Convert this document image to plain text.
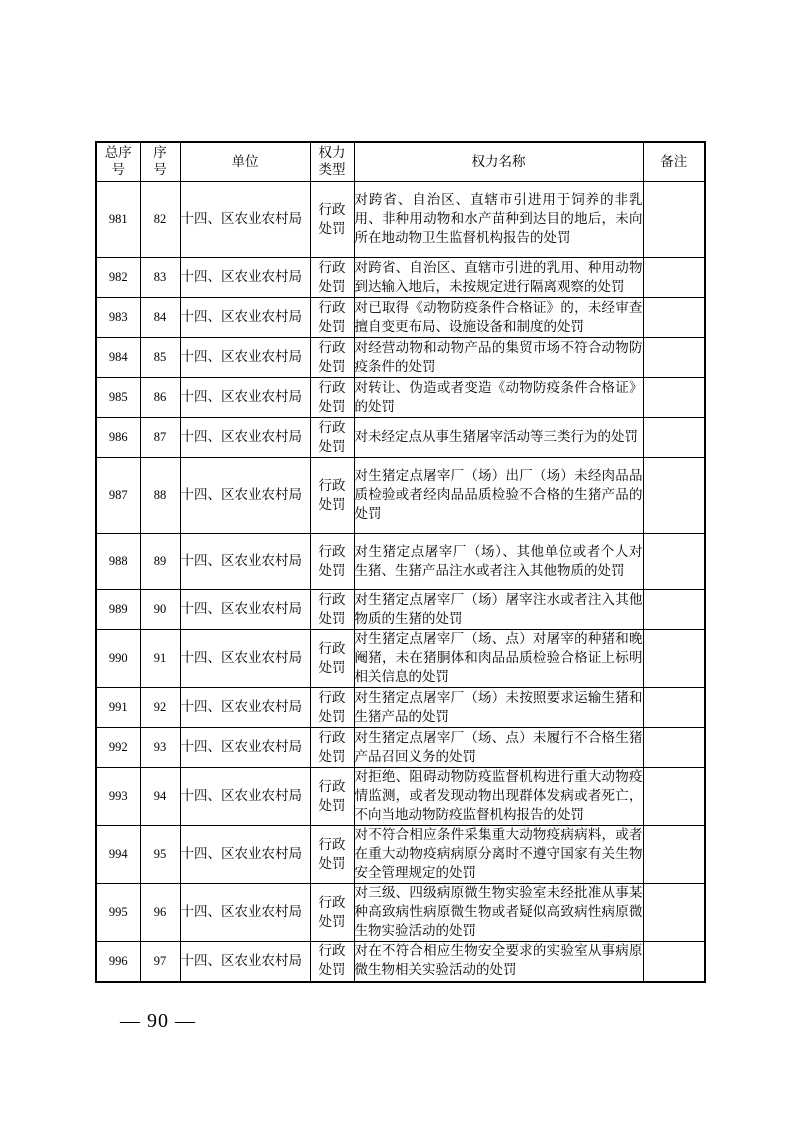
总序号	序号	单位	权力类型	权力名称	备注
981	82	十四、区农业农村局	行政处罚	对跨省、自治区、直辖市引进用于饲养的非乳用、非种用动物和水产苗种到达目的地后，未向所在地动物卫生监督机构报告的处罚	
982	83	十四、区农业农村局	行政处罚	对跨省、自治区、直辖市引进的乳用、种用动物到达输入地后，未按规定进行隔离观察的处罚	
983	84	十四、区农业农村局	行政处罚	对已取得《动物防疫条件合格证》的，未经审查擅自变更布局、设施设备和制度的处罚	
984	85	十四、区农业农村局	行政处罚	对经营动物和动物产品的集贸市场不符合动物防疫条件的处罚	
985	86	十四、区农业农村局	行政处罚	对转让、伪造或者变造《动物防疫条件合格证》的处罚	
986	87	十四、区农业农村局	行政处罚	对未经定点从事生猪屠宰活动等三类行为的处罚	
987	88	十四、区农业农村局	行政处罚	对生猪定点屠宰厂（场）出厂（场）未经肉品品质检验或者经肉品品质检验不合格的生猪产品的处罚	
988	89	十四、区农业农村局	行政处罚	对生猪定点屠宰厂（场）、其他单位或者个人对生猪、生猪产品注水或者注入其他物质的处罚	
989	90	十四、区农业农村局	行政处罚	对生猪定点屠宰厂（场）屠宰注水或者注入其他物质的生猪的处罚	
990	91	十四、区农业农村局	行政处罚	对生猪定点屠宰厂（场、点）对屠宰的种猪和晚阉猪，未在猪胴体和肉品品质检验合格证上标明相关信息的处罚	
991	92	十四、区农业农村局	行政处罚	对生猪定点屠宰厂（场）未按照要求运输生猪和生猪产品的处罚	
992	93	十四、区农业农村局	行政处罚	对生猪定点屠宰厂（场、点）未履行不合格生猪产品召回义务的处罚	
993	94	十四、区农业农村局	行政处罚	对拒绝、阻碍动物防疫监督机构进行重大动物疫情监测，或者发现动物出现群体发病或者死亡，不向当地动物防疫监督机构报告的处罚	
994	95	十四、区农业农村局	行政处罚	对不符合相应条件采集重大动物疫病病料，或者在重大动物疫病病原分离时不遵守国家有关生物安全管理规定的处罚	
995	96	十四、区农业农村局	行政处罚	对三级、四级病原微生物实验室未经批准从事某种高致病性病原微生物或者疑似高致病性病原微生物实验活动的处罚	
996	97	十四、区农业农村局	行政处罚	对在不符合相应生物安全要求的实验室从事病原微生物相关实验活动的处罚	
— 90 —
